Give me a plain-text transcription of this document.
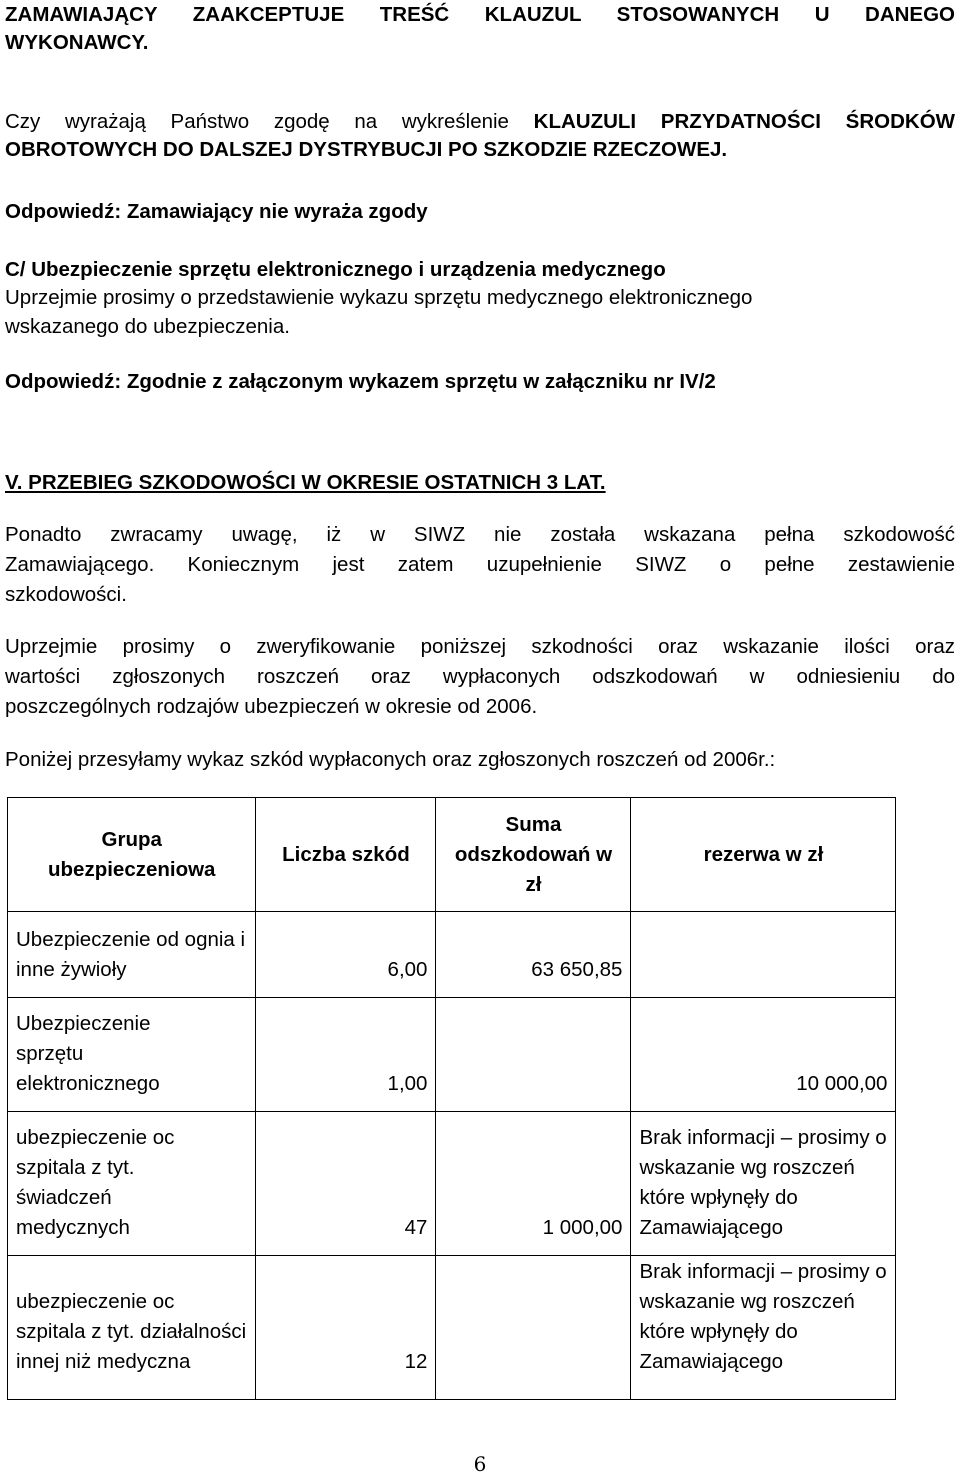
ZAMAWIAJĄCY ZAAKCEPTUJE TREŚĆ KLAUZUL STOSOWANYCH U DANEGO

WYKONAWCY.

Czy wyrażają Państwo zgodę na wykreślenie KLAUZULI PRZYDATNOŚCI ŚRODKÓW

OBROTOWYCH DO DALSZEJ DYSTRYBUCJI PO SZKODZIE RZECZOWEJ.

Odpowiedź: Zamawiający nie wyraża zgody

C/ Ubezpieczenie sprzętu elektronicznego i urządzenia medycznego

Uprzejmie prosimy o przedstawienie wykazu sprzętu medycznego elektronicznego

wskazanego do ubezpieczenia.

Odpowiedź: Zgodnie z załączonym wykazem sprzętu w załączniku nr IV/2

V. PRZEBIEG SZKODOWOŚCI W OKRESIE OSTATNICH 3 LAT.

Ponadto zwracamy uwagę, iż w SIWZ nie została wskazana pełna szkodowość

Zamawiającego. Koniecznym jest zatem uzupełnienie SIWZ o pełne zestawienie

szkodowości.

Uprzejmie prosimy o zweryfikowanie poniższej szkodności oraz wskazanie ilości oraz

wartości zgłoszonych roszczeń oraz wypłaconych odszkodowań w odniesieniu do

poszczególnych rodzajów ubezpieczeń w okresie od 2006.

Poniżej przesyłamy wykaz szkód wypłaconych oraz zgłoszonych roszczeń od 2006r.:

Grupa ubezpieczeniowa	Liczba szkód	Suma odszkodowań w zł	rezerwa w zł
Ubezpieczenie od ognia i inne żywioły	6,00	63 650,85	
Ubezpieczenie sprzętu elektronicznego	1,00		10 000,00
ubezpieczenie oc szpitala z tyt. świadczeń medycznych	47	1 000,00	Brak informacji – prosimy o wskazanie wg roszczeń które wpłynęły do Zamawiającego
ubezpieczenie oc szpitala z tyt. działalności innej niż medyczna	12		Brak informacji – prosimy o wskazanie wg roszczeń które wpłynęły do Zamawiającego
6
